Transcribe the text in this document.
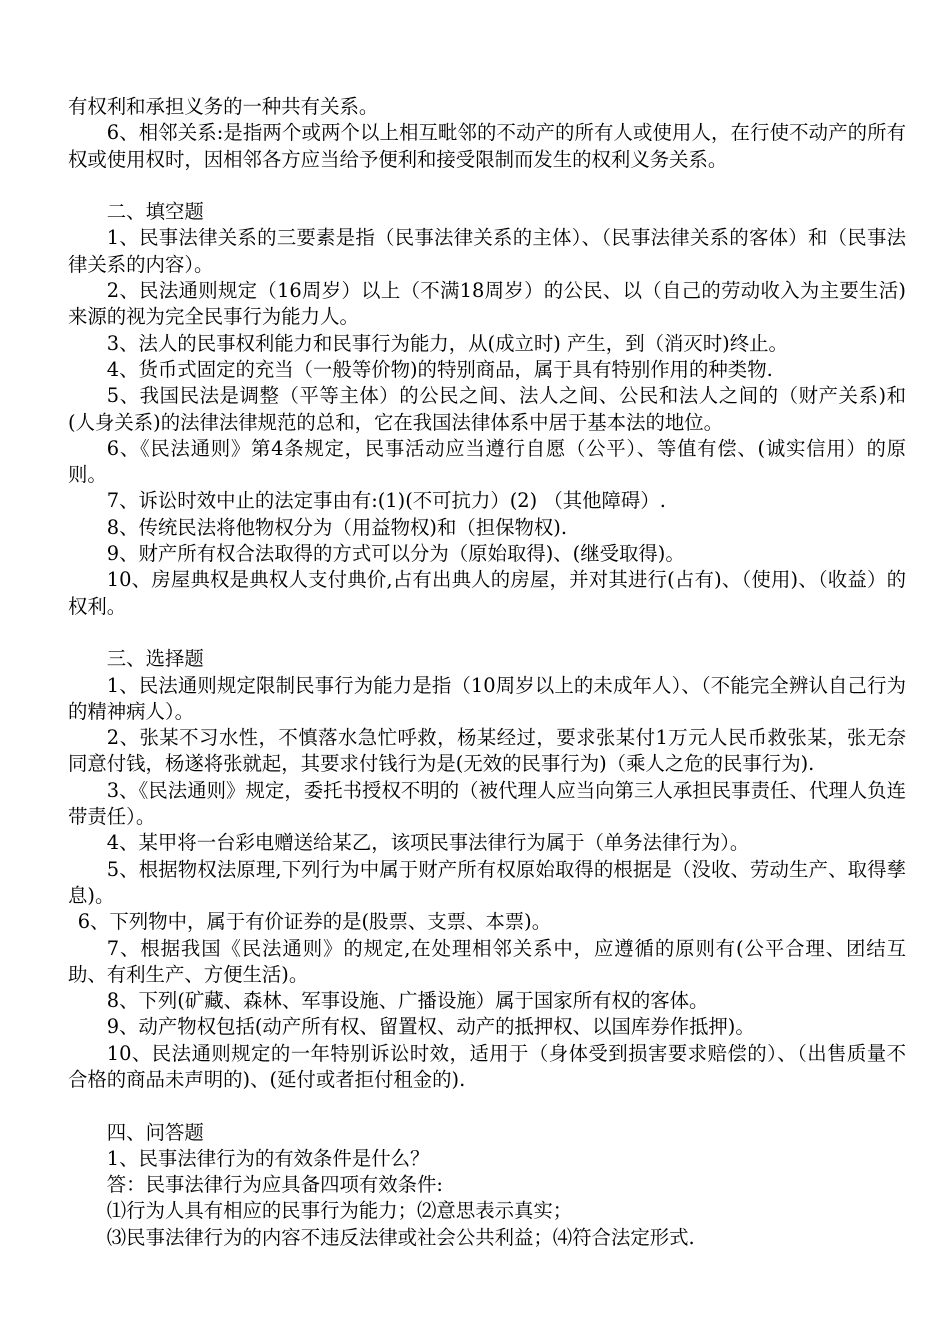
有权利和承担义务的一种共有关系。

6、相邻关系:是指两个或两个以上相互毗邻的不动产的所有人或使用人，在行使不动产的所有权或使用权时，因相邻各方应当给予便利和接受限制而发生的权利义务关系。

二、填空题

1、民事法律关系的三要素是指（民事法律关系的主体）、（民事法律关系的客体）和（民事法律关系的内容）。

2、民法通则规定（16周岁）以上（不满18周岁）的公民、以（自己的劳动收入为主要生活)来源的视为完全民事行为能力人。

3、法人的民事权利能力和民事行为能力，从(成立时) 产生，到（消灭时)终止。

4、货币式固定的充当（一般等价物)的特别商品，属于具有特别作用的种类物.

5、我国民法是调整（平等主体）的公民之间、法人之间、公民和法人之间的（财产关系)和(人身关系)的法律法律规范的总和，它在我国法律体系中居于基本法的地位。

6、《民法通则》第4条规定，民事活动应当遵行自愿（公平）、等值有偿、(诚实信用）的原则。

7、诉讼时效中止的法定事由有:(1)(不可抗力）(2) （其他障碍）.

8、传统民法将他物权分为（用益物权)和（担保物权).

9、财产所有权合法取得的方式可以分为（原始取得)、(继受取得)。

10、房屋典权是典权人支付典价,占有出典人的房屋，并对其进行(占有)、（使用)、（收益）的权利。

三、选择题

1、民法通则规定限制民事行为能力是指（10周岁以上的未成年人）、（不能完全辨认自己行为的精神病人）。

2、张某不习水性，不慎落水急忙呼救，杨某经过，要求张某付1万元人民币救张某，张无奈同意付钱，杨遂将张就起，其要求付钱行为是(无效的民事行为)（乘人之危的民事行为).

3、《民法通则》规定，委托书授权不明的（被代理人应当向第三人承担民事责任、代理人负连带责任）。

4、某甲将一台彩电赠送给某乙，该项民事法律行为属于（单务法律行为）。

5、根据物权法原理,下列行为中属于财产所有权原始取得的根据是（没收、劳动生产、取得孳息)。

6、下列物中，属于有价证券的是(股票、支票、本票)。

7、根据我国《民法通则》的规定,在处理相邻关系中，应遵循的原则有(公平合理、团结互助、有利生产、方便生活)。

8、下列(矿藏、森林、军事设施、广播设施）属于国家所有权的客体。

9、动产物权包括(动产所有权、留置权、动产的抵押权、以国库券作抵押)。

10、民法通则规定的一年特别诉讼时效，适用于（身体受到损害要求赔偿的）、（出售质量不合格的商品未声明的)、(延付或者拒付租金的).

四、问答题

1、民事法律行为的有效条件是什么？

答：民事法律行为应具备四项有效条件:

⑴行为人具有相应的民事行为能力；⑵意思表示真实；

⑶民事法律行为的内容不违反法律或社会公共利益；⑷符合法定形式.
